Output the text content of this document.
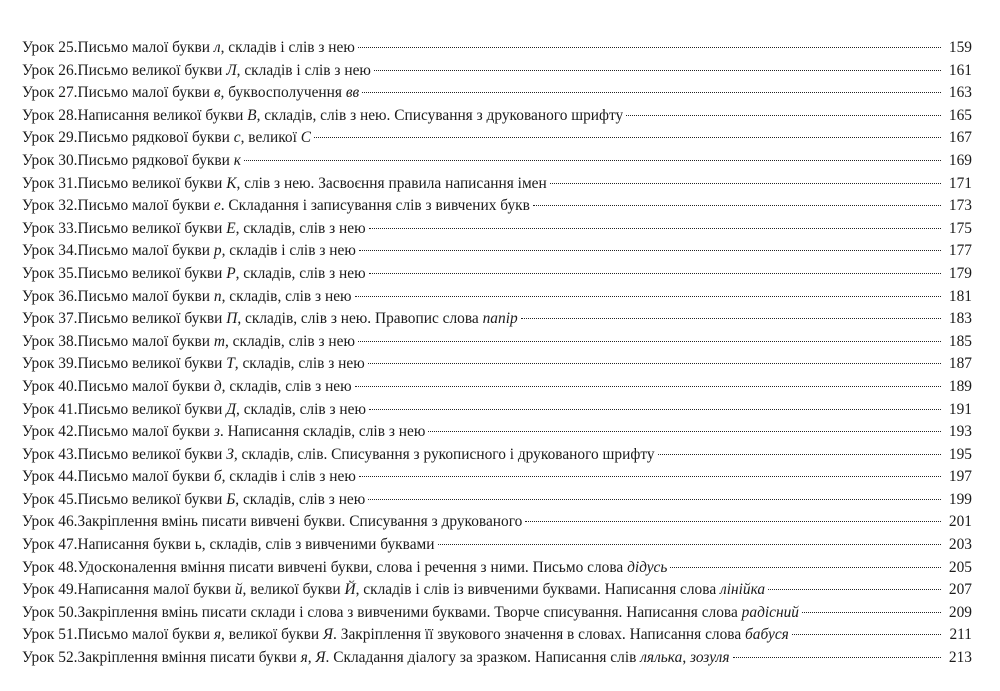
Урок 25. Письмо малої букви л, складів і слів з нею	159
Урок 26. Письмо великої букви Л, складів і слів з нею	161
Урок 27. Письмо малої букви в, буквосполучення вв	163
Урок 28. Написання великої букви В, складів, слів з нею. Списування з друкованого шрифту	165
Урок 29. Письмо рядкової букви с, великої С	167
Урок 30. Письмо рядкової букви к	169
Урок 31. Письмо великої букви К, слів з нею. Засвоєння правила написання імен	171
Урок 32. Письмо малої букви е. Складання і записування слів з вивчених букв	173
Урок 33. Письмо великої букви Е, складів, слів з нею	175
Урок 34. Письмо малої букви р, складів і слів з нею	177
Урок 35. Письмо великої букви Р, складів, слів з нею	179
Урок 36. Письмо малої букви п, складів, слів з нею	181
Урок 37. Письмо великої букви П, складів, слів з нею. Правопис слова папір	183
Урок 38. Письмо малої букви т, складів, слів з нею	185
Урок 39. Письмо великої букви Т, складів, слів з нею	187
Урок 40. Письмо малої букви д, складів, слів з нею	189
Урок 41. Письмо великої букви Д, складів, слів з нею	191
Урок 42. Письмо малої букви з. Написання складів, слів з нею	193
Урок 43. Письмо великої букви З, складів, слів. Списування з рукописного і друкованого шрифту	195
Урок 44. Письмо малої букви б, складів і слів з нею	197
Урок 45. Письмо великої букви Б, складів, слів з нею	199
Урок 46. Закріплення вмінь писати вивчені букви. Списування з друкованого	201
Урок 47. Написання букви ь, складів, слів з вивченими буквами	203
Урок 48. Удосконалення вміння писати вивчені букви, слова і речення з ними. Письмо слова дідусь	205
Урок 49. Написання малої букви й, великої букви Й, складів і слів із вивченими буквами. Написання слова лінійка	207
Урок 50. Закріплення вмінь писати склади і слова з вивченими буквами. Творче списування. Написання слова радісний	209
Урок 51. Письмо малої букви я, великої букви Я. Закріплення її звукового значення в словах. Написання слова бабуся	211
Урок 52. Закріплення вміння писати букви я, Я. Складання діалогу за зразком. Написання слів лялька, зозуля	213
